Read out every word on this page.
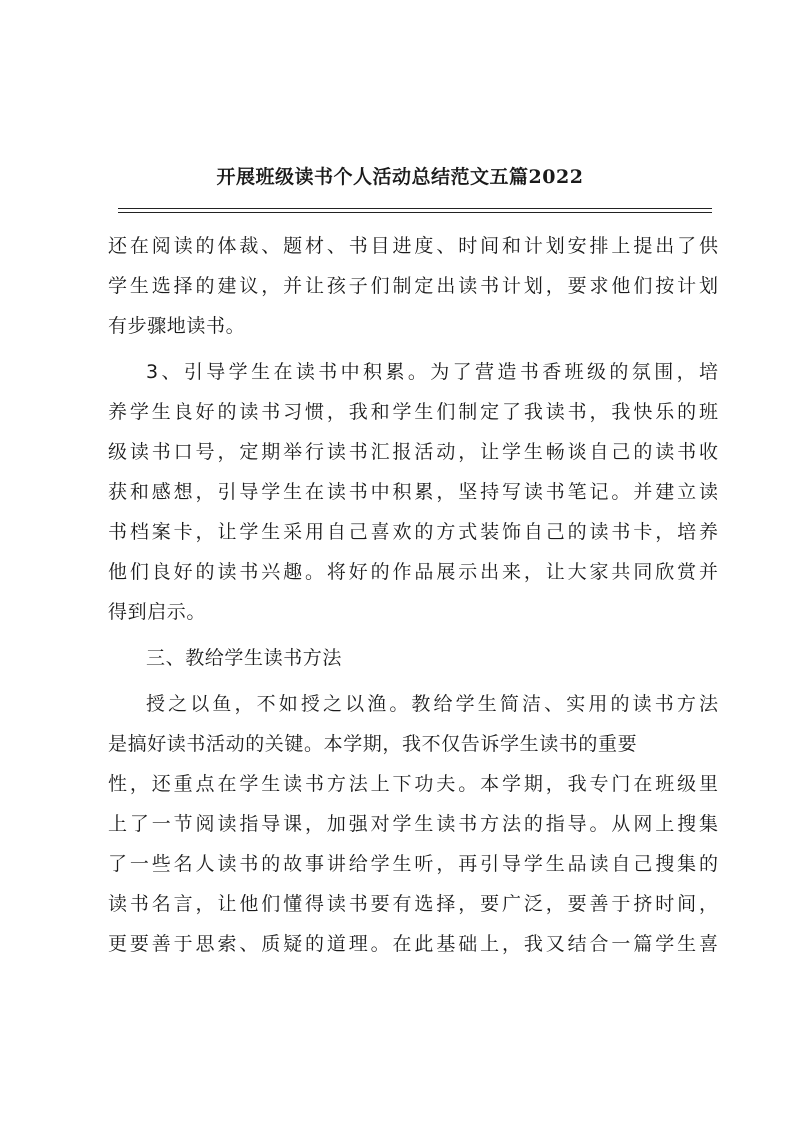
开展班级读书个人活动总结范文五篇2022
还在阅读的体裁、题材、书目进度、时间和计划安排上提出了供
学生选择的建议，并让孩子们制定出读书计划，要求他们按计划
有步骤地读书。
3、引导学生在读书中积累。为了营造书香班级的氛围，培
养学生良好的读书习惯，我和学生们制定了我读书，我快乐的班
级读书口号，定期举行读书汇报活动，让学生畅谈自己的读书收
获和感想，引导学生在读书中积累，坚持写读书笔记。并建立读
书档案卡，让学生采用自己喜欢的方式装饰自己的读书卡，培养
他们良好的读书兴趣。将好的作品展示出来，让大家共同欣赏并
得到启示。
三、教给学生读书方法
授之以鱼，不如授之以渔。教给学生简洁、实用的读书方法
是搞好读书活动的关键。本学期，我不仅告诉学生读书的重要
性，还重点在学生读书方法上下功夫。本学期，我专门在班级里
上了一节阅读指导课，加强对学生读书方法的指导。从网上搜集
了一些名人读书的故事讲给学生听，再引导学生品读自己搜集的
读书名言，让他们懂得读书要有选择，要广泛，要善于挤时间，
更要善于思索、质疑的道理。在此基础上，我又结合一篇学生喜
